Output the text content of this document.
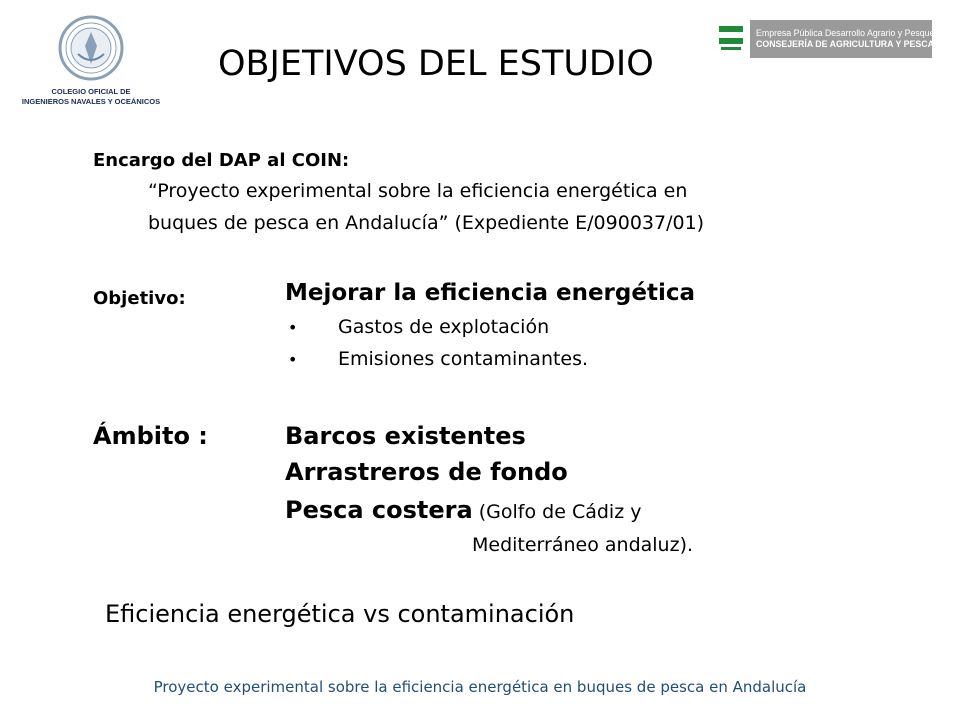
COLEGIO OFICIAL DE
INGENIEROS NAVALES Y OCEÁNICOS
Empresa Pública Desarrollo Agrario y Pesquero
CONSEJERÍA DE AGRICULTURA Y PESCA
OBJETIVOS DEL ESTUDIO
Encargo del DAP al COIN:
“Proyecto experimental sobre la eficiencia energética en
buques de pesca en Andalucía” (Expediente E/090037/01)
Objetivo:	Mejorar la eficiencia energética
• Gastos de explotación
• Emisiones contaminantes.
Ámbito :	Barcos existentes
Arrastreros de fondo
Pesca costera (Golfo de Cádiz y
Mediterráneo andaluz).
Eficiencia energética vs contaminación
Proyecto experimental sobre la eficiencia energética en buques de pesca en Andalucía
